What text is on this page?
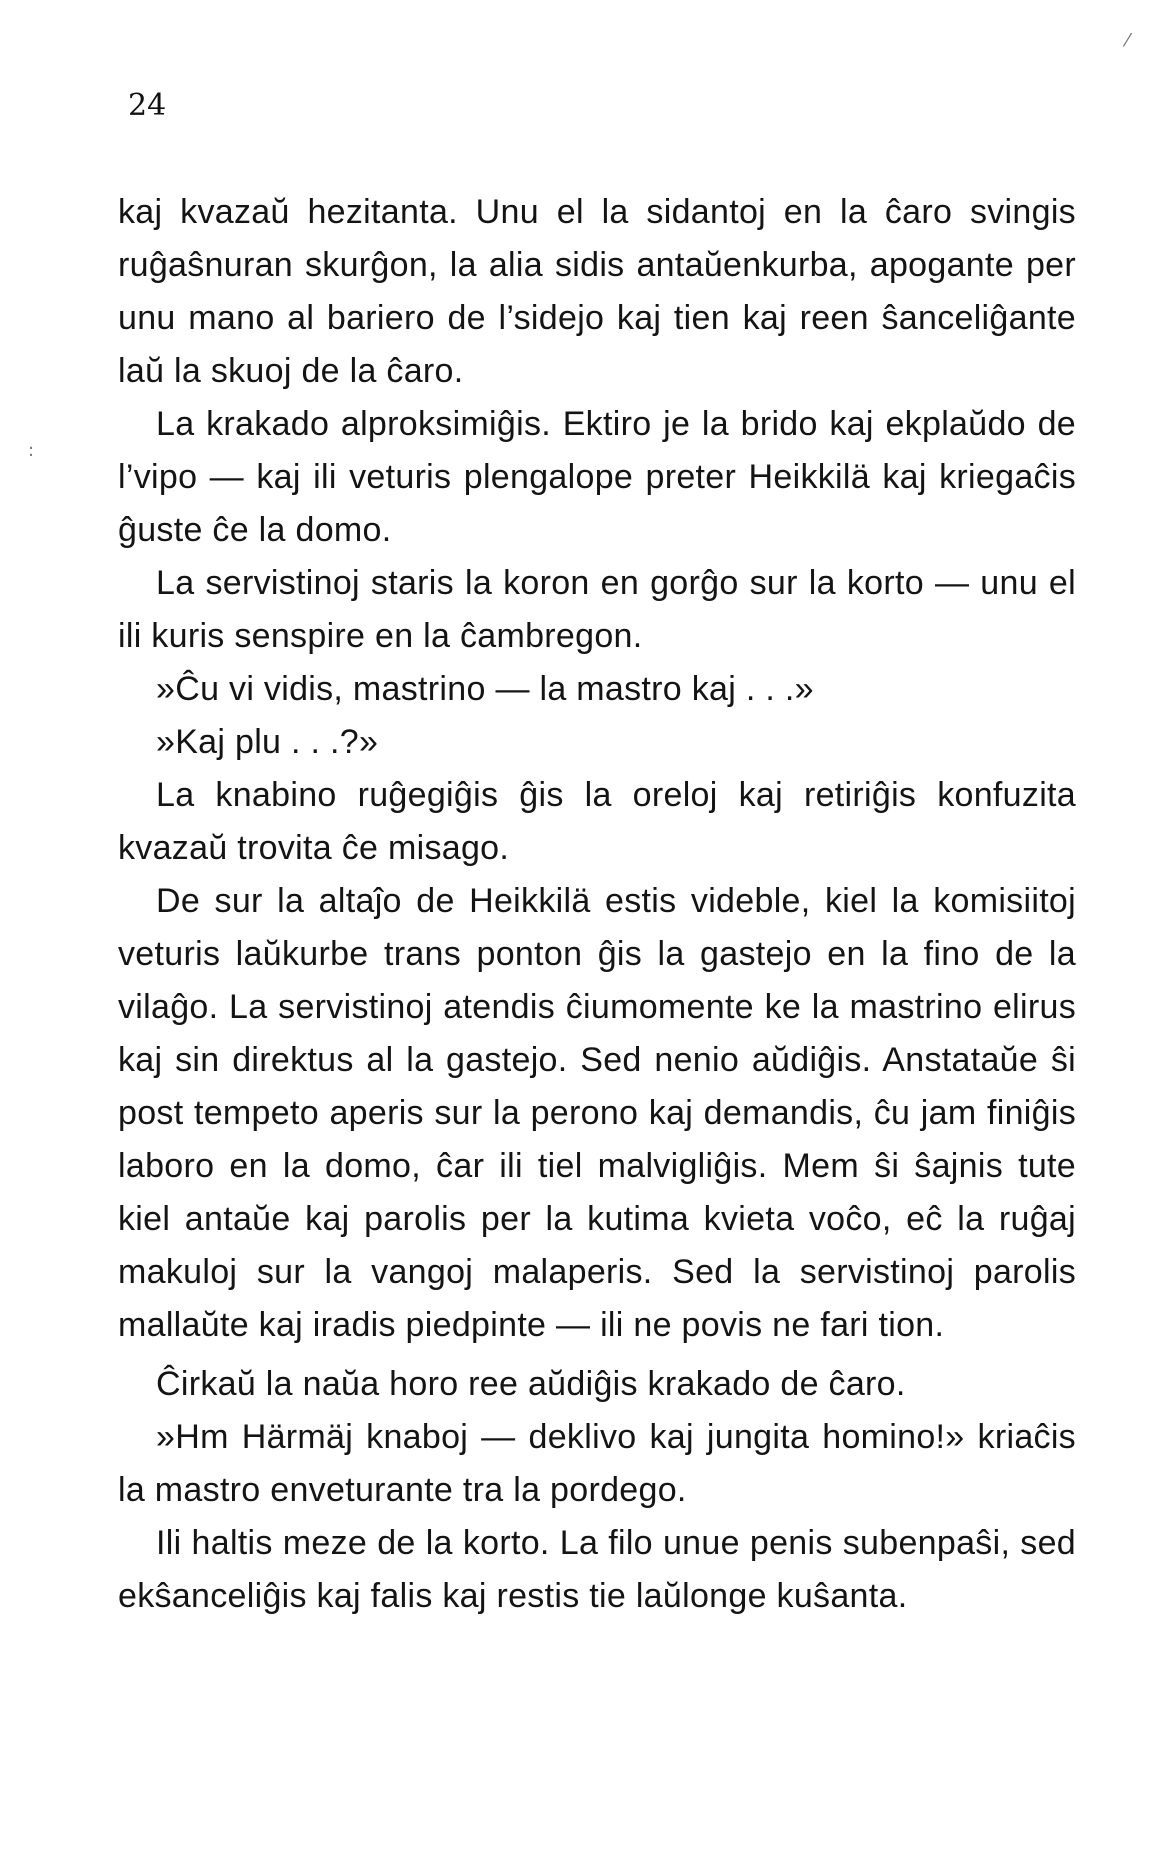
24
⁄
:

kaj kvazaŭ hezitanta. Unu el la sidantoj en la ĉaro svingis ruĝaŝnuran skurĝon, la alia sidis antaŭenkurba, apogante per unu mano al bariero de l’sidejo kaj tien kaj reen ŝanceliĝante laŭ la skuoj de la ĉaro.

La krakado alproksimiĝis. Ektiro je la brido kaj ekplaŭdo de l’vipo — kaj ili veturis plengalope preter Heikkilä kaj kriegaĉis ĝuste ĉe la domo.

La servistinoj staris la koron en gorĝo sur la korto — unu el ili kuris senspire en la ĉambregon.

»Ĉu vi vidis, mastrino — la mastro kaj . . .»

»Kaj plu . . .?»

La knabino ruĝegiĝis ĝis la oreloj kaj retiriĝis konfuzita kvazaŭ trovita ĉe misago.

De sur la altaĵo de Heikkilä estis videble, kiel la komisiitoj veturis laŭkurbe trans ponton ĝis la gastejo en la fino de la vilaĝo. La servistinoj atendis ĉiumomente ke la mastrino elirus kaj sin direktus al la gastejo. Sed nenio aŭdiĝis. Anstataŭe ŝi post tempeto aperis sur la perono kaj demandis, ĉu jam finiĝis laboro en la domo, ĉar ili tiel malvigliĝis. Mem ŝi ŝajnis tute kiel antaŭe kaj parolis per la kutima kvieta voĉo, eĉ la ruĝaj makuloj sur la vangoj malaperis. Sed la servistinoj parolis mallaŭte kaj iradis piedpinte — ili ne povis ne fari tion.

Ĉirkaŭ la naŭa horo ree aŭdiĝis krakado de ĉaro.

»Hm Härmäj knaboj — deklivo kaj jungita homino!» kriaĉis la mastro enveturante tra la pordego.

Ili haltis meze de la korto. La filo unue penis subenpaŝi, sed ekŝanceliĝis kaj falis kaj restis tie laŭlonge kuŝanta.
